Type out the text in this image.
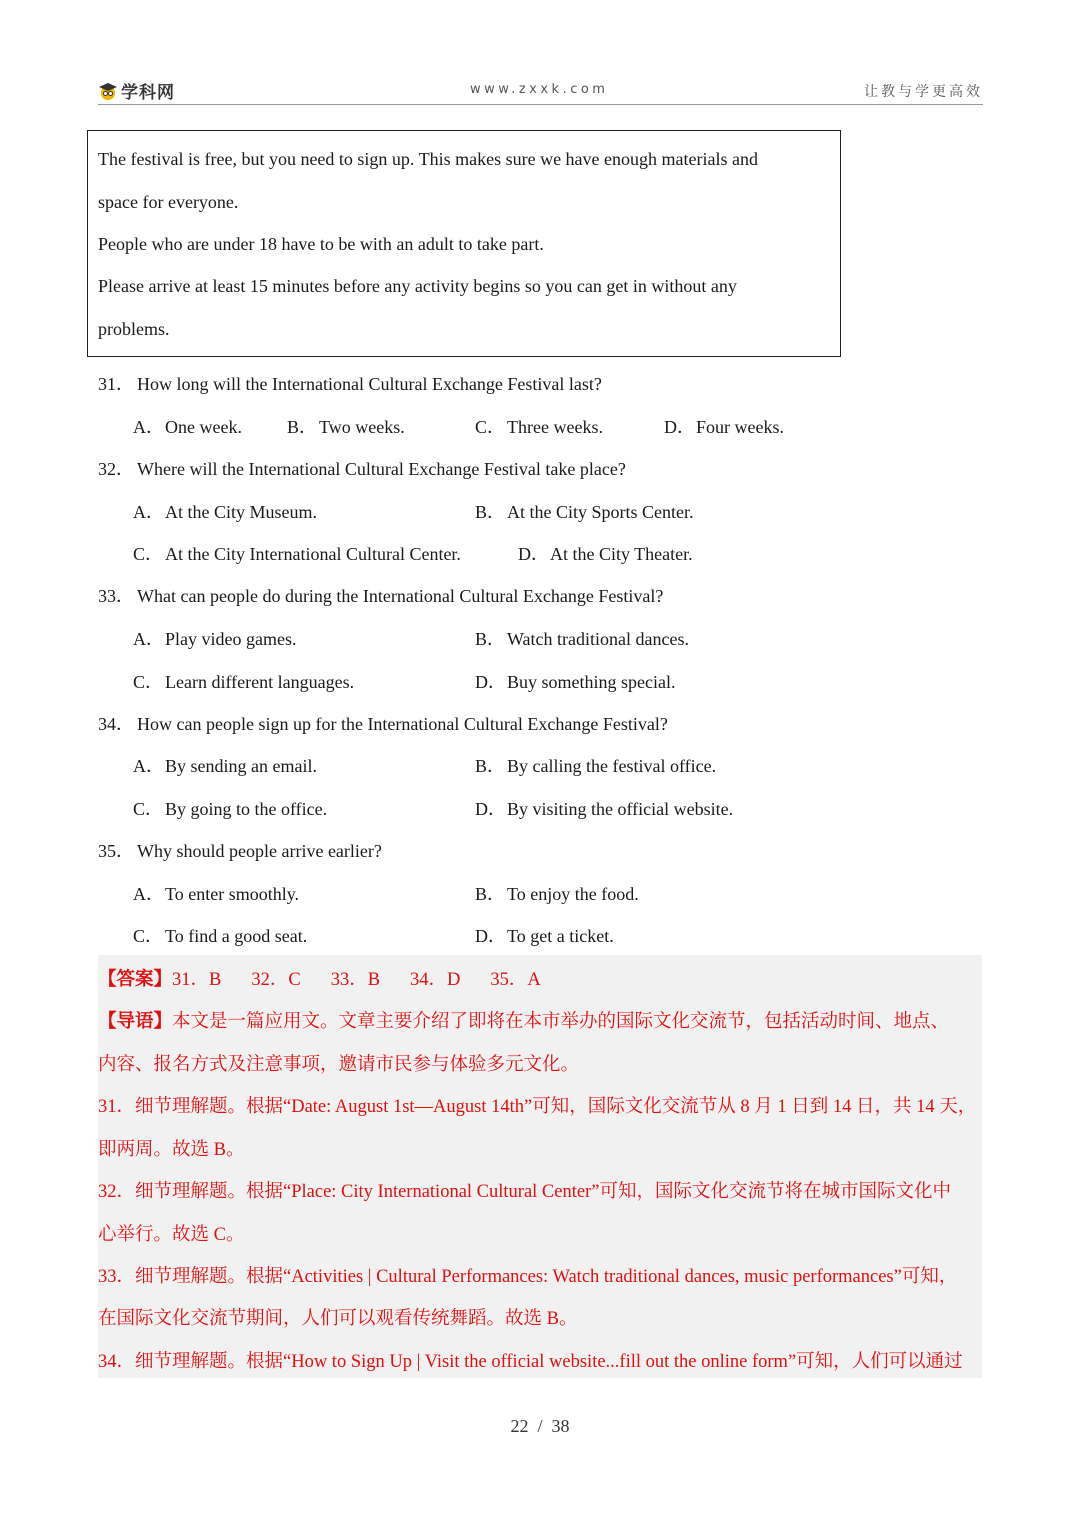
学科网	www.zxxk.com	让教与学更高效
The festival is free, but you need to sign up. This makes sure we have enough materials and
space for everyone.
People who are under 18 have to be with an adult to take part.
Please arrive at least 15 minutes before any activity begins so you can get in without any
problems.
31． How long will the International Cultural Exchange Festival last?
A．One week.	B． Two weeks.	C． Three weeks.	D．Four weeks.
32． Where will the International Cultural Exchange Festival take place?
A．At the City Museum.	B． At the City Sports Center.
C． At the City International Cultural Center.	D．At the City Theater.
33． What can people do during the International Cultural Exchange Festival?
A．Play video games.	B． Watch traditional dances.
C． Learn different languages.	D．Buy something special.
34． How can people sign up for the International Cultural Exchange Festival?
A．By sending an email.	B． By calling the festival office.
C． By going to the office.	D．By visiting the official website.
35． Why should people arrive earlier?
A．To enter smoothly.	B． To enjoy the food.
C． To find a good seat.	D．To get a ticket.
【答案】31．B 32．C 33．B 34．D 35．A
【导语】本文是一篇应用文。文章主要介绍了即将在本市举办的国际文化交流节，包括活动时间、地点、
内容、报名方式及注意事项，邀请市民参与体验多元文化。
31．细节理解题。根据“Date: August 1st—August 14th”可知，国际文化交流节从 8 月 1 日到 14 日，共 14 天，
即两周。故选 B。
32．细节理解题。根据“Place: City International Cultural Center”可知，国际文化交流节将在城市国际文化中
心举行。故选 C。
33．细节理解题。根据“Activities | Cultural Performances: Watch traditional dances, music performances”可知，
在国际文化交流节期间，人们可以观看传统舞蹈。故选 B。
34．细节理解题。根据“How to Sign Up | Visit the official website...fill out the online form”可知，人们可以通过
22 / 38
